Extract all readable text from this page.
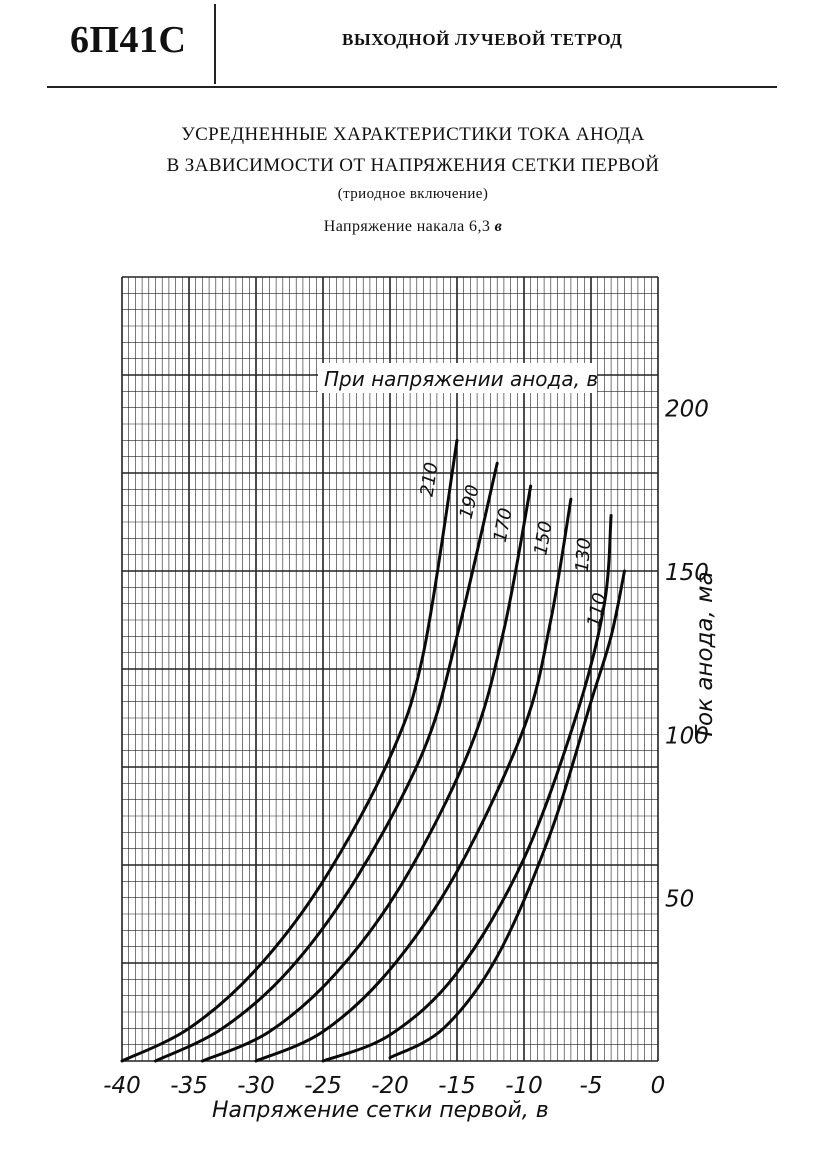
6П41С	ВЫХОДНОЙ ЛУЧЕВОЙ ТЕТРОД
УСРЕДНЕННЫЕ ХАРАКТЕРИСТИКИ ТОКА АНОДА
В ЗАВИСИМОСТИ ОТ НАПРЯЖЕНИЯ СЕТКИ ПЕРВОЙ
(триодное включение)
Напряжение накала 6,3 в
210
190
170 150 130
110
-40 -35 -30 -25 -20 -15 -10 -5 0
50
100
150
200
При напряжении анода, в
Напряжение сетки первой, в
Ток анода, ма
